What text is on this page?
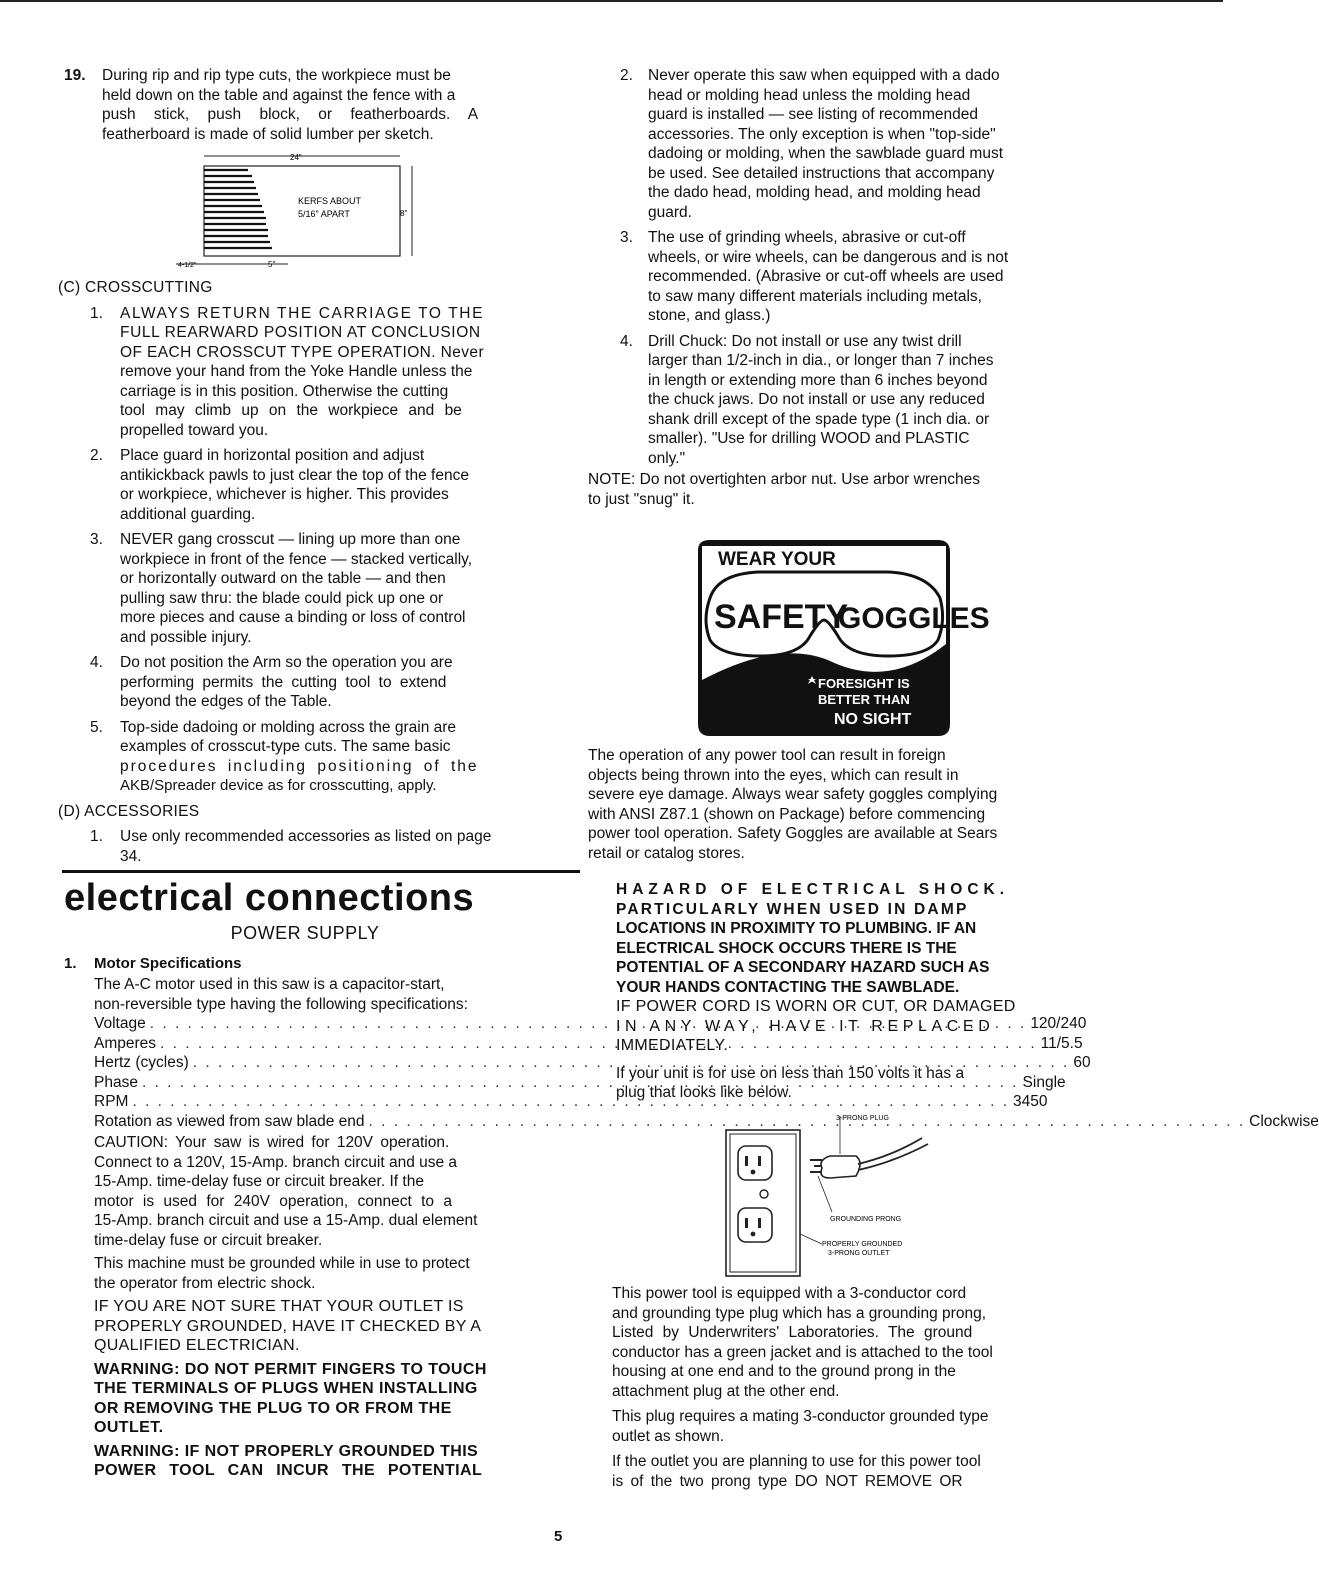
19. During rip and rip type cuts, the workpiece must be
held down on the table and against the fence with a
push stick, push block, or featherboards. A
featherboard is made of solid lumber per sketch.
24"
KERFS ABOUT
5/16" APART	8"
4-1/2"	5"
(C) CROSSCUTTING
1. ALWAYS RETURN THE CARRIAGE TO THE
FULL REARWARD POSITION AT CONCLUSION
OF EACH CROSSCUT TYPE OPERATION. Never
remove your hand from the Yoke Handle unless the
carriage is in this position. Otherwise the cutting
tool may climb up on the workpiece and be
propelled toward you.
2. Place guard in horizontal position and adjust
antikickback pawls to just clear the top of the fence
or workpiece, whichever is higher. This provides
additional guarding.
3. NEVER gang crosscut — lining up more than one
workpiece in front of the fence — stacked vertically,
or horizontally outward on the table — and then
pulling saw thru: the blade could pick up one or
more pieces and cause a binding or loss of control
and possible injury.
4. Do not position the Arm so the operation you are
performing permits the cutting tool to extend
beyond the edges of the Table.
5. Top-side dadoing or molding across the grain are
examples of crosscut-type cuts. The same basic
procedures including positioning of the
AKB/Spreader device as for crosscutting, apply.
(D) ACCESSORIES
1. Use only recommended accessories as listed on page
34.
2. Never operate this saw when equipped with a dado
head or molding head unless the molding head
guard is installed — see listing of recommended
accessories. The only exception is when "top-side"
dadoing or molding, when the sawblade guard must
be used. See detailed instructions that accompany
the dado head, molding head, and molding head
guard.
3. The use of grinding wheels, abrasive or cut-off
wheels, or wire wheels, can be dangerous and is not
recommended. (Abrasive or cut-off wheels are used
to saw many different materials including metals,
stone, and glass.)
4. Drill Chuck: Do not install or use any twist drill
larger than 1/2-inch in dia., or longer than 7 inches
in length or extending more than 6 inches beyond
the chuck jaws. Do not install or use any reduced
shank drill except of the spade type (1 inch dia. or
smaller). "Use for drilling WOOD and PLASTIC
only."
NOTE: Do not overtighten arbor nut. Use arbor wrenches
to just "snug" it.
WEAR YOUR
SAFETY
GOGGLES
FORESIGHT IS
BETTER THAN
NO SIGHT
The operation of any power tool can result in foreign
objects being thrown into the eyes, which can result in
severe eye damage. Always wear safety goggles complying
with ANSI Z87.1 (shown on Package) before commencing
power tool operation. Safety Goggles are available at Sears
retail or catalog stores.
electrical connections
POWER SUPPLY
1. Motor Specifications
The A-C motor used in this saw is a capacitor-start,
non-reversible type having the following specifications:
Voltage . . .	120/240
Amperes . . .	11/5.5
Hertz (cycles) . . .	60
Phase . . .	Single
RPM . . .	3450
Rotation as viewed from saw blade end . . .	Clockwise
CAUTION: Your saw is wired for 120V operation.
Connect to a 120V, 15-Amp. branch circuit and use a
15-Amp. time-delay fuse or circuit breaker. If the
motor is used for 240V operation, connect to a
15-Amp. branch circuit and use a 15-Amp. dual element
time-delay fuse or circuit breaker.
This machine must be grounded while in use to protect
the operator from electric shock.
IF YOU ARE NOT SURE THAT YOUR OUTLET IS
PROPERLY GROUNDED, HAVE IT CHECKED BY A
QUALIFIED ELECTRICIAN.
WARNING: DO NOT PERMIT FINGERS TO TOUCH
THE TERMINALS OF PLUGS WHEN INSTALLING
OR REMOVING THE PLUG TO OR FROM THE
OUTLET.
WARNING: IF NOT PROPERLY GROUNDED THIS
POWER TOOL CAN INCUR THE POTENTIAL
HAZARD OF ELECTRICAL SHOCK.
PARTICULARLY WHEN USED IN DAMP
LOCATIONS IN PROXIMITY TO PLUMBING. IF AN
ELECTRICAL SHOCK OCCURS THERE IS THE
POTENTIAL OF A SECONDARY HAZARD SUCH AS
YOUR HANDS CONTACTING THE SAWBLADE.
IF POWER CORD IS WORN OR CUT, OR DAMAGED
IN ANY WAY, HAVE IT REPLACED
IMMEDIATELY.
If your unit is for use on less than 150 volts it has a
plug that looks like below.
3-PRONG PLUG
GROUNDING PRONG
PROPERLY GROUNDED
3-PRONG OUTLET
This power tool is equipped with a 3-conductor cord
and grounding type plug which has a grounding prong,
Listed by Underwriters' Laboratories. The ground
conductor has a green jacket and is attached to the tool
housing at one end and to the ground prong in the
attachment plug at the other end.
This plug requires a mating 3-conductor grounded type
outlet as shown.
If the outlet you are planning to use for this power tool
is of the two prong type DO NOT REMOVE OR
5
